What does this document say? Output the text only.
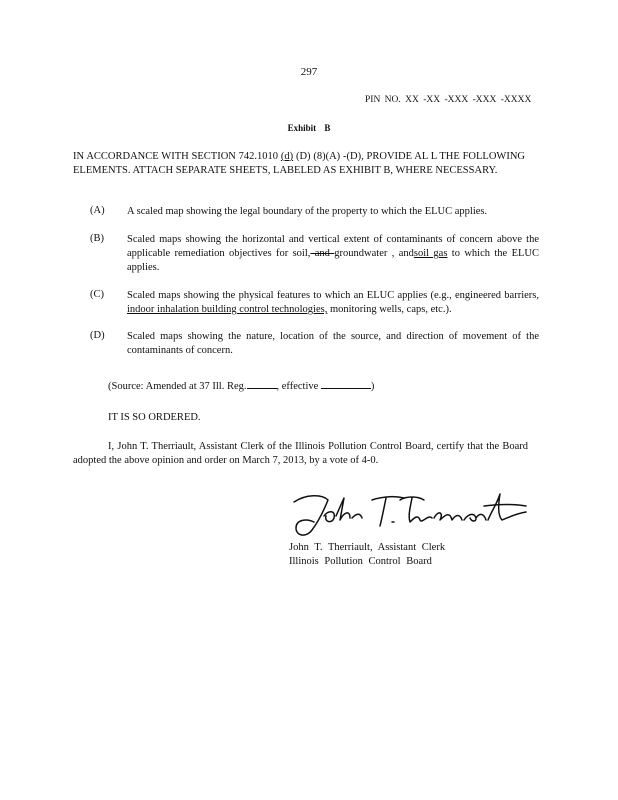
297
PIN NO. XX -XX -XXX -XXX -XXXX
Exhibit B
IN ACCORDANCE WITH SECTION 742.1010 (d) (D) (8)(A) -(D), PROVIDE AL L THE FOLLOWING ELEMENTS. ATTACH SEPARATE SHEETS, LABELED AS EXHIBIT B, WHERE NECESSARY.
(A) A scaled map showing the legal boundary of the property to which the ELUC applies.
(B) Scaled maps showing the horizontal and vertical extent of contaminants of concern above the applicable remediation objectives for soil, and groundwater , andsoil gas to which the ELUC applies.
(C) Scaled maps showing the physical features to which an ELUC applies (e.g., engineered barriers, indoor inhalation building control technologies, monitoring wells, caps, etc.).
(D) Scaled maps showing the nature, location of the source, and direction of movement of the contaminants of concern.
(Source: Amended at 37 Ill. Reg.	, effective	)
IT IS SO ORDERED.
I, John T. Therriault, Assistant Clerk of the Illinois Pollution Control Board, certify that the Board adopted the above opinion and order on March 7, 2013, by a vote of 4-0.
John T. Therriault, Assistant Clerk
Illinois Pollution Control Board
